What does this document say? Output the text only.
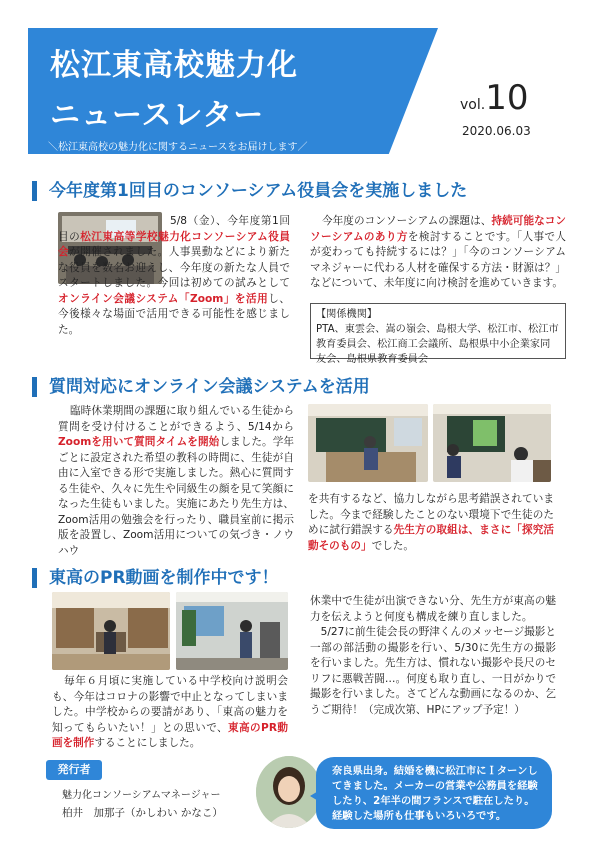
松江東高校魅力化
ニュースレター
＼松江東高校の魅力化に関するニュースをお届けします／
vol.10
2020.06.03
今年度第1回目のコンソーシアム役員会を実施しました
5/8（金）、今年度第1回目の松江東高等学校魅力化コンソーシアム役員会が開催されました。人事異動などにより新たな役員を数名お迎えし、今年度の新たな人員でスタートしました。今回は初めての試みとしてオンライン会議システム「Zoom」を活用し、今後様々な場面で活用できる可能性を感じました。
今年度のコンソーシアムの課題は、持続可能なコンソーシアムのあり方を検討することです。「人事で人が変わっても持続するには？」「今のコンソーシアムマネジャーに代わる人材を確保する方法・財源は？」などについて、未年度に向け検討を進めていきます。
【関係機関】
PTA、東雲会、嵩の嶺会、島根大学、松江市、松江市教育委員会、松江商工会議所、島根県中小企業家同友会、島根県教育委員会
質問対応にオンライン会議システムを活用
臨時休業期間の課題に取り組んでいる生徒から質問を受け付けることができるよう、5/14からZoomを用いて質問タイムを開始しました。学年ごとに設定された希望の教科の時間に、生徒が自由に入室できる形で実施しました。熱心に質問する生徒や、久々に先生や同級生の顔を見て笑顔になった生徒もいました。実施にあたり先生方は、Zoom活用の勉強会を行ったり、職員室前に掲示版を設置し、Zoom活用についての気づき・ノウハウ
を共有するなど、協力しながら思考錯誤されていました。今まで経験したことのない環境下で生徒のために試行錯誤する先生方の取組は、まさに「探究活動そのもの」でした。
東高のPR動画を制作中です！
毎年６月頃に実施している中学校向け説明会も、今年はコロナの影響で中止となってしまいました。中学校からの要請があり、「東高の魅力を知ってもらいたい！」との思いで、東高のPR動画を制作することにしました。
休業中で生徒が出演できない分、先生方が東高の魅力を伝えようと何度も構成を練り直しました。
　5/27に前生徒会長の野津くんのメッセージ撮影と一部の部活動の撮影を行い、5/30に先生方の撮影を行いました。先生方は、慣れない撮影や長尺のセリフに悪戦苦闘…。何度も取り直し、一日がかりで撮影を行いました。さてどんな動画になるのか、乞うご期待！（完成次第、HPにアップ予定！）
発行者
魅力化コンソーシアムマネージャー
柏井　加那子（かしわい かなこ）
奈良県出身。結婚を機に松江市にＩターンしてきました。メーカーの営業や公務員を経験したり、2年半の間フランスで駐在したり。経験した場所も仕事もいろいろです。
